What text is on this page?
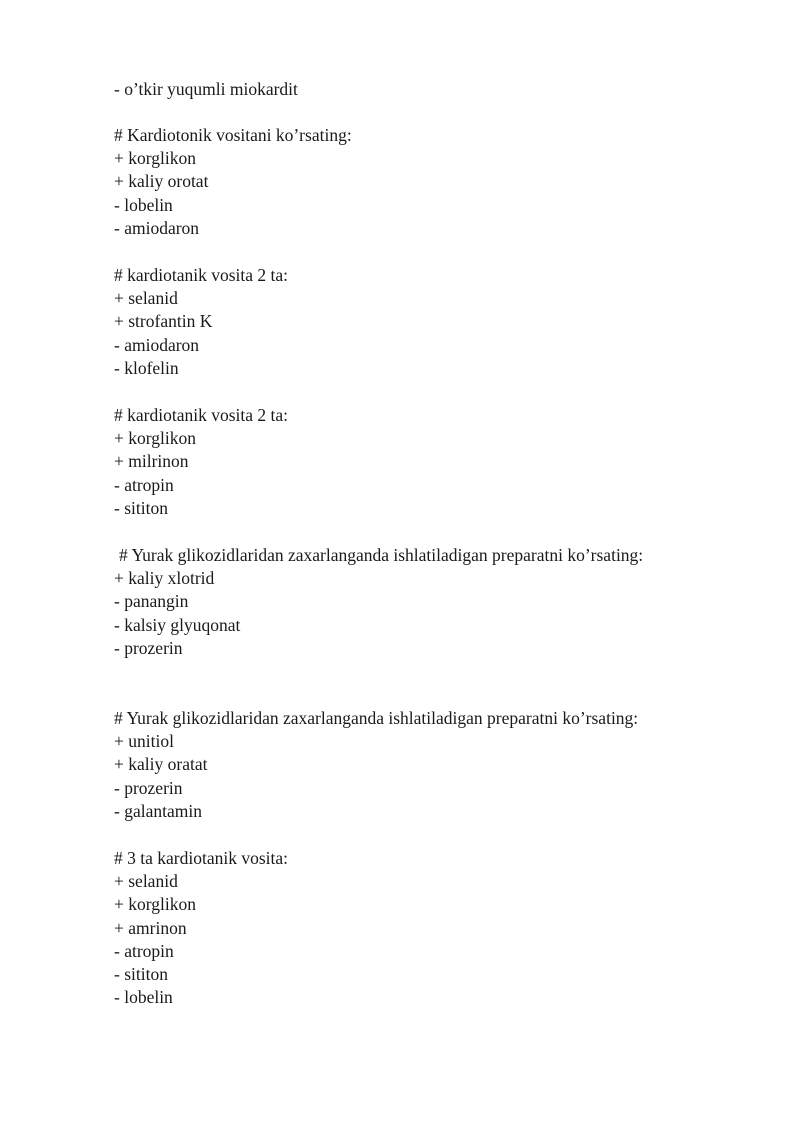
- o’tkir yuqumli miokardit
# Kardiotonik vositani ko’rsating:
+ korglikon
+ kaliy orotat
- lobelin
- amiodaron
# kardiotanik vosita 2 ta:
+ selanid
+ strofantin K
- amiodaron
- klofelin
# kardiotanik vosita 2 ta:
+ korglikon
+ milrinon
- atropin
- sititon
# Yurak glikozidlaridan zaxarlanganda ishlatiladigan preparatni ko’rsating:
+ kaliy xlotrid
- panangin
- kalsiy glyuqonat
- prozerin
# Yurak glikozidlaridan zaxarlanganda ishlatiladigan preparatni ko’rsating:
+ unitiol
+ kaliy oratat
- prozerin
- galantamin
# 3 ta kardiotanik vosita:
+ selanid
+ korglikon
+ amrinon
- atropin
- sititon
- lobelin
